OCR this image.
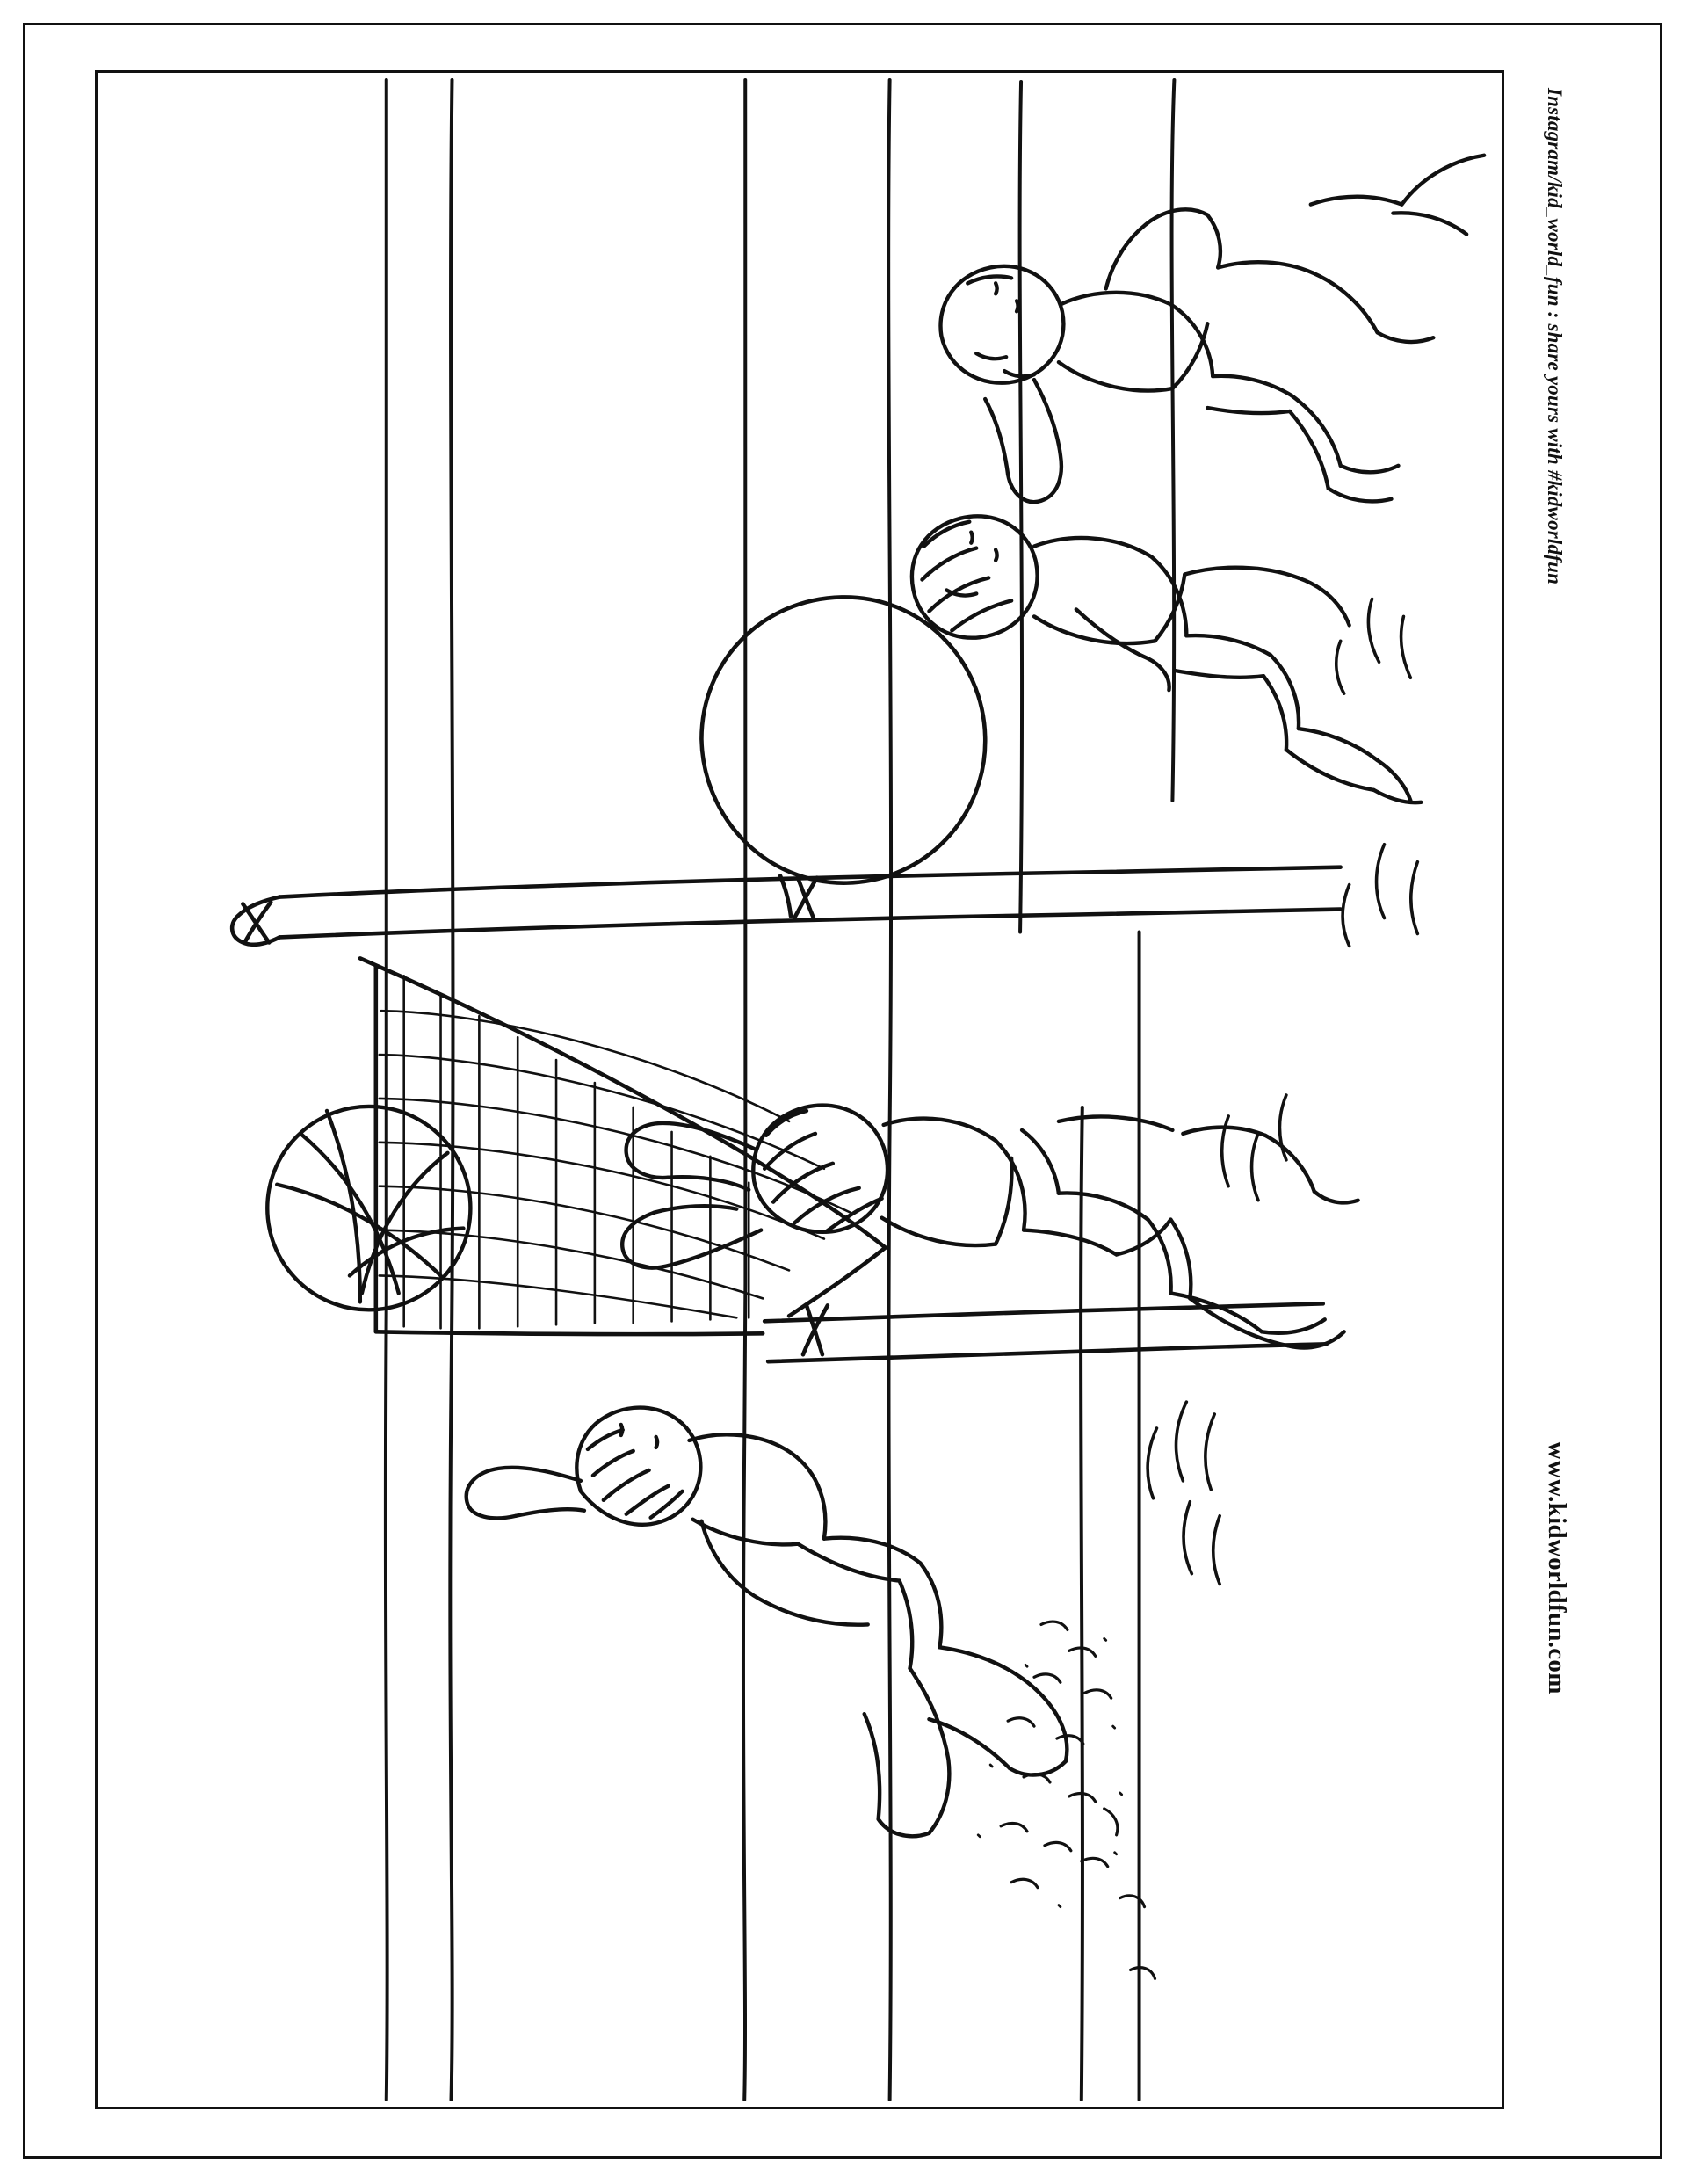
Instagram/kid_world_fun : share yours with #kidworldfun
www.kidworldfun.com
